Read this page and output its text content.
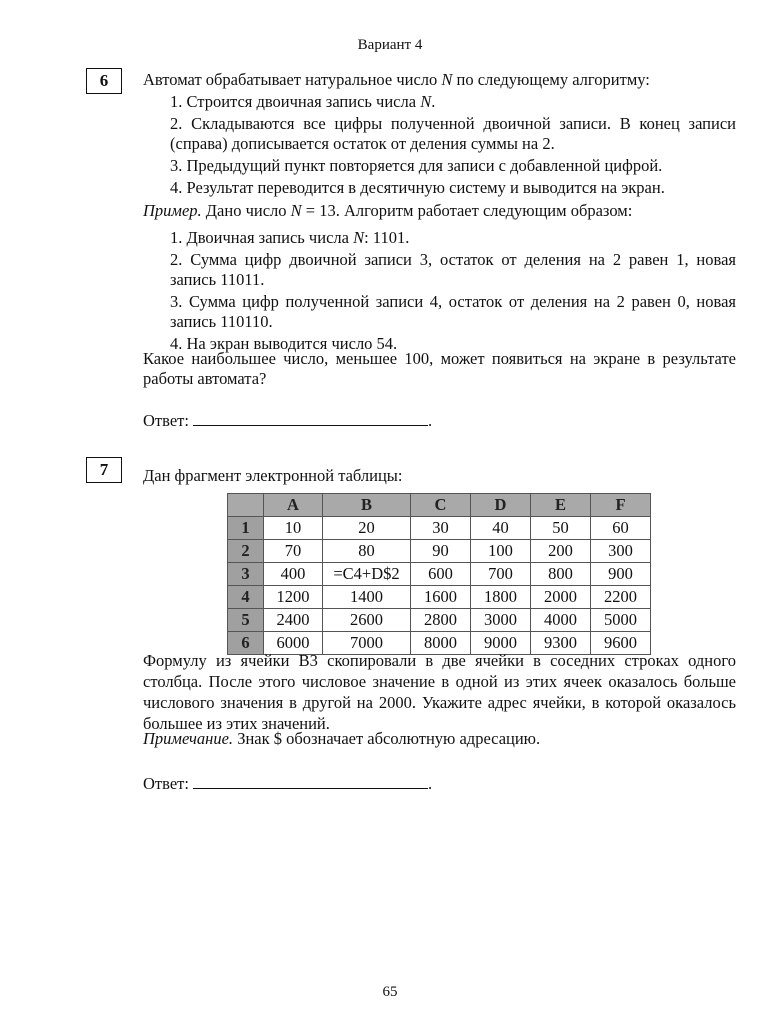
Вариант 4
6	Автомат обрабатывает натуральное число N по следующему алгоритму:

1. Строится двоичная запись числа N.

2. Складываются все цифры полученной двоичной записи. В конец записи (справа) дописывается остаток от деления суммы на 2.

3. Предыдущий пункт повторяется для записи с добавленной цифрой.

4. Результат переводится в десятичную систему и выводится на экран.

Пример. Дано число N = 13. Алгоритм работает следующим образом:

1. Двоичная запись числа N: 1101.

2. Сумма цифр двоичной записи 3, остаток от деления на 2 равен 1, новая запись 11011.

3. Сумма цифр полученной записи 4, остаток от деления на 2 равен 0, новая запись 110110.

4. На экран выводится число 54.

Какое наибольшее число, меньшее 100, может появиться на экране в результате работы автомата?
Ответ:	.
7	Дан фрагмент электронной таблицы:
	A	B	C	D	E	F
1	10	20	30	40	50	60
2	70	80	90	100	200	300
3	400	=C4+D$2	600	700	800	900
4	1200	1400	1600	1800	2000	2200
5	2400	2600	2800	3000	4000	5000
6	6000	7000	8000	9000	9300	9600
Формулу из ячейки B3 скопировали в две ячейки в соседних строках одного столбца. После этого числовое значение в одной из этих ячеек оказалось больше числового значения в другой на 2000. Укажите адрес ячейки, в которой оказалось большее из этих значений.
Примечание. Знак $ обозначает абсолютную адресацию.
Ответ:	.
65
